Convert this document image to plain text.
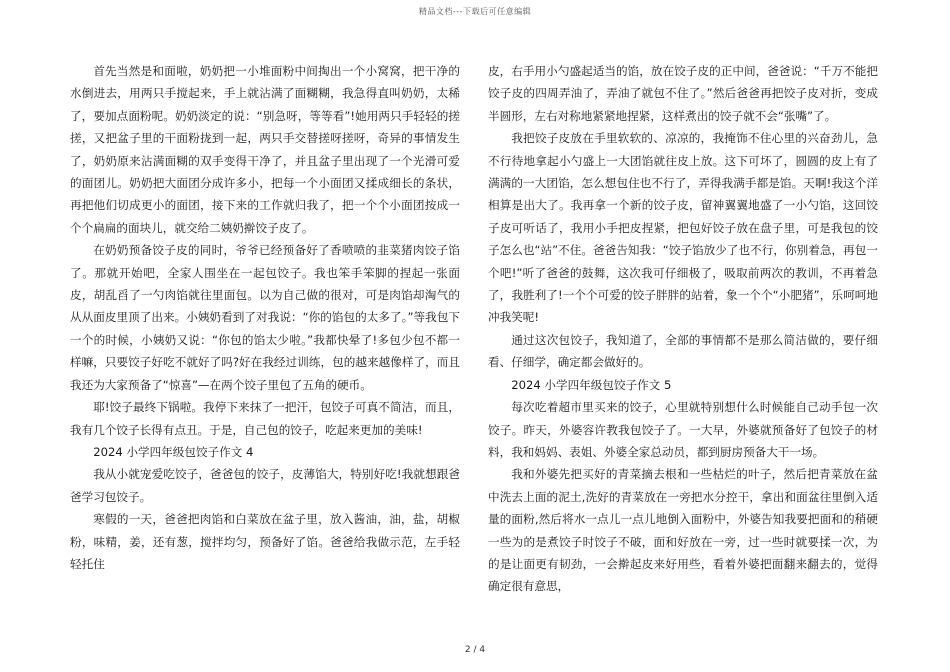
精品文档---下载后可任意编辑

首先当然是和面啦，奶奶把一小堆面粉中间掏出一个小窝窝，把干净的水倒进去，用两只手搅起来，手上就沾满了面糊糊，我急得直叫奶奶，太稀了，要加点面粉呢。奶奶淡定的说：“别急呀，等等看”!她用两只手轻轻的搓搓，又把盆子里的干面粉拢到一起，两只手交替搓呀搓呀，奇异的事情发生了，奶奶原来沾满面糊的双手变得干净了，并且盆子里出现了一个光滑可爱的面团儿。奶奶把大面团分成许多小，把每一个小面团又揉成细长的条状，再把他们切成更小的面团，接下来的工作就归我了，把一个个小面团按成一个个扁扁的面块儿，就交给二姨奶擀饺子皮了。

在奶奶预备饺子皮的同时，爷爷已经预备好了香喷喷的韭菜猪肉饺子馅了。那就开始吧，全家人围坐在一起包饺子。我也笨手笨脚的捏起一张面皮，胡乱舀了一勺肉馅就往里面包。以为自己做的很对，可是肉馅却淘气的从从面皮里顶了出来。小姨奶看到了对我说：“你的馅包的太多了。”等我包下一个的时候，小姨奶又说：“你包的馅太少啦。”我都快晕了!多包少包不都一样嘛，只要饺子好吃不就好了吗?好在我经过训练，包的越来越像样了，而且我还为大家预备了“惊喜”—在两个饺子里包了五角的硬币。

耶!饺子最终下锅啦。我停下来抹了一把汗，包饺子可真不简洁，而且，我有几个饺子长得有点丑。于是，自己包的饺子，吃起来更加的美味!

2024 小学四年级包饺子作文 4

我从小就宠爱吃饺子，爸爸包的饺子，皮薄馅大，特别好吃!我就想跟爸爸学习包饺子。

寒假的一天，爸爸把肉馅和白菜放在盆子里，放入酱油，油，盐，胡椒粉，味精，姜，还有葱，搅拌均匀，预备好了馅。爸爸给我做示范，左手轻轻托住

皮，右手用小勺盛起适当的馅，放在饺子皮的正中间，爸爸说：“千万不能把饺子皮的四周弄油了，弄油了就包不住了。”然后爸爸再把饺子皮对折，变成半圆形，左右对称地紧紧地捏紧，这样煮出的饺子就不会“张嘴”了。

我把饺子皮放在手里软软的、凉凉的，我掩饰不住心里的兴奋劲儿，急不行待地拿起小勺盛上一大团馅就往皮上放。这下可坏了，圆圆的皮上有了满满的一大团馅，怎么想包住也不行了，弄得我满手都是馅。天啊!我这个洋相算是出大了。我再拿一个新的饺子皮，留神翼翼地盛了一小勺馅，这回饺子皮可听话了，我用小手把皮捏紧，把包好饺子放在盘子里，可是我包的饺子怎么也“站”不住。爸爸告知我：“饺子馅放少了也不行，你别着急，再包一个吧!”听了爸爸的鼓舞，这次我可仔细极了，吸取前两次的教训，不再着急了，我胜利了!一个个可爱的饺子胖胖的站着，象一个个“小肥猪”，乐呵呵地冲我笑呢!

通过这次包饺子，我知道了，全部的事情都不是那么简洁做的，要仔细看、仔细学，确定都会做好的。

2024 小学四年级包饺子作文 5

每次吃着超市里买来的饺子，心里就特别想什么时候能自己动手包一次饺子。昨天，外婆容许教我包饺子了。一大早，外婆就预备好了包饺子的材料，我和妈妈、表姐、外婆全家总动员，都到厨房预备大干一场。

我和外婆先把买好的青菜摘去根和一些枯烂的叶子，然后把青菜放在盆中洗去上面的泥土,洗好的青菜放在一旁把水分控干，拿出和面盆往里倒入适量的面粉,然后将水一点儿一点儿地倒入面粉中，外婆告知我要把面和的稍硬一些为的是煮饺子时饺子不破，面和好放在一旁，过一些时就要揉一次，为的是让面更有韧劲，一会擀起皮来好用些，看着外婆把面翻来翻去的，觉得确定很有意思，

2 / 4
